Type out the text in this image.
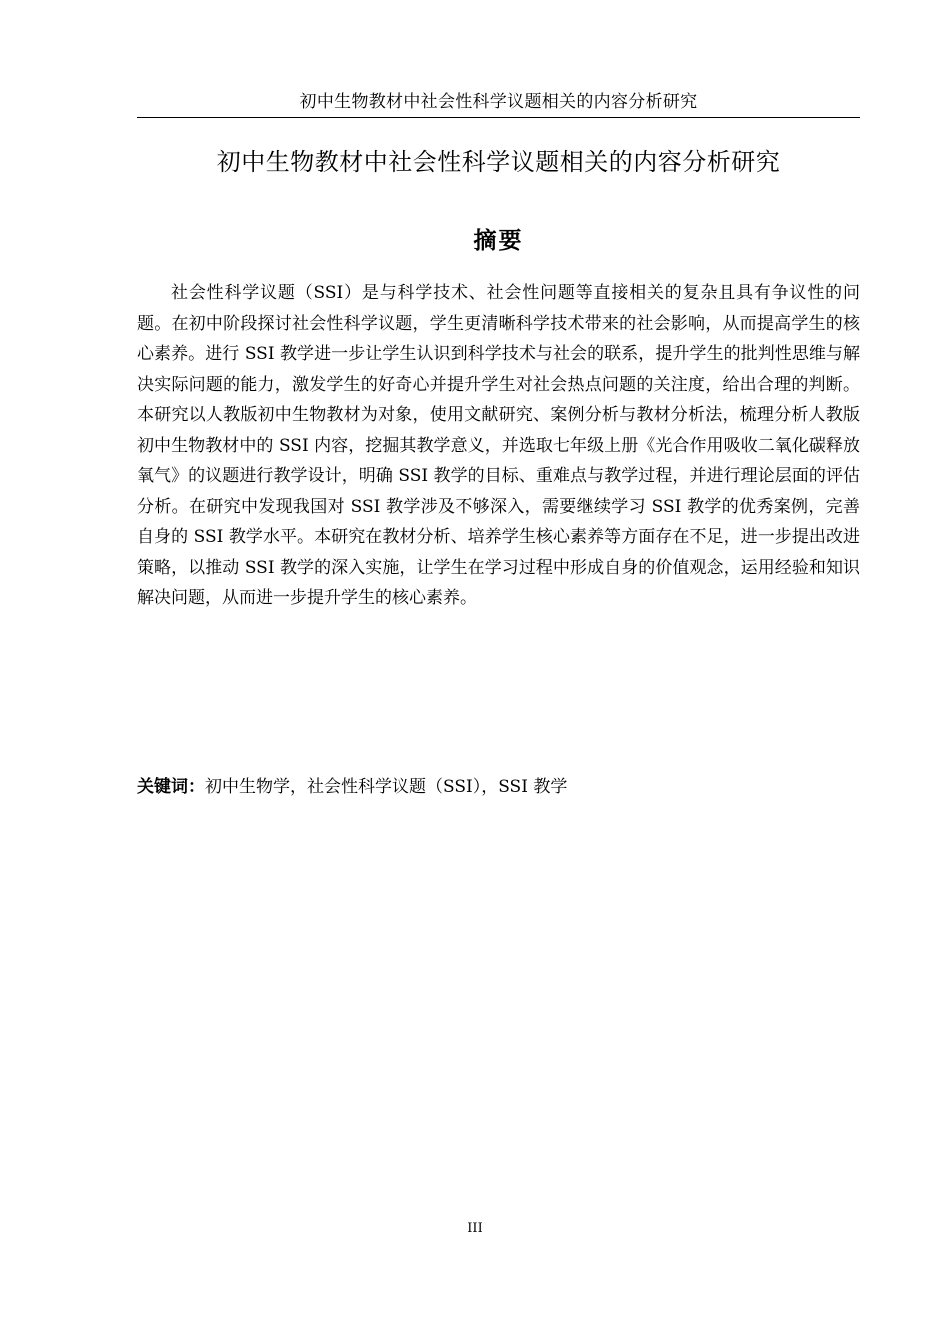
初中生物教材中社会性科学议题相关的内容分析研究
初中生物教材中社会性科学议题相关的内容分析研究
摘要

社会性科学议题（SSI）是与科学技术、社会性问题等直接相关的复杂且具有争议性的问题。在初中阶段探讨社会性科学议题，学生更清晰科学技术带来的社会影响，从而提高学生的核心素养。进行 SSI 教学进一步让学生认识到科学技术与社会的联系，提升学生的批判性思维与解决实际问题的能力，激发学生的好奇心并提升学生对社会热点问题的关注度，给出合理的判断。本研究以人教版初中生物教材为对象，使用文献研究、案例分析与教材分析法，梳理分析人教版初中生物教材中的 SSI 内容，挖掘其教学意义，并选取七年级上册《光合作用吸收二氧化碳释放氧气》的议题进行教学设计，明确 SSI 教学的目标、重难点与教学过程，并进行理论层面的评估分析。在研究中发现我国对 SSI 教学涉及不够深入，需要继续学习 SSI 教学的优秀案例，完善自身的 SSI 教学水平。本研究在教材分析、培养学生核心素养等方面存在不足，进一步提出改进策略，以推动 SSI 教学的深入实施，让学生在学习过程中形成自身的价值观念，运用经验和知识解决问题，从而进一步提升学生的核心素养。

关键词：初中生物学，社会性科学议题（SSI），SSI 教学

III
